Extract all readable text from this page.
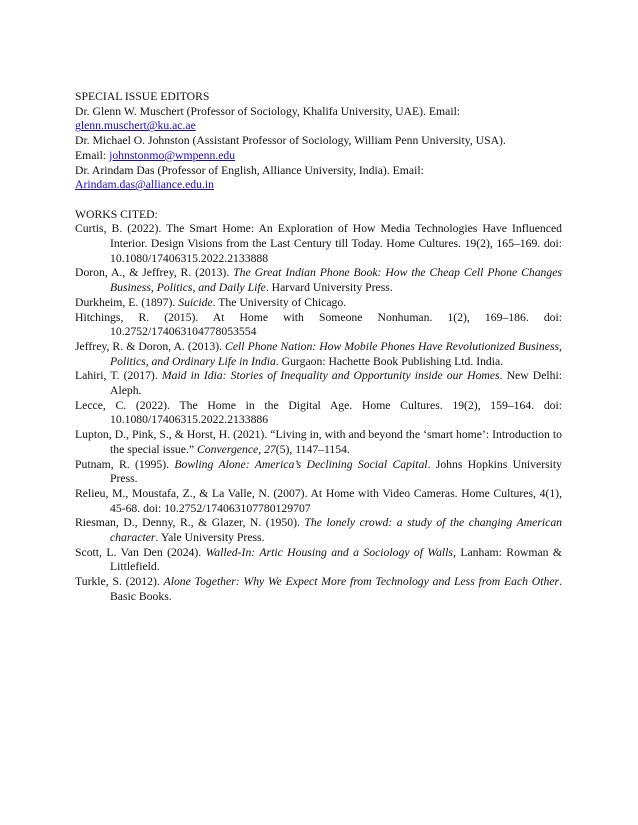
SPECIAL ISSUE EDITORS

Dr. Glenn W. Muschert (Professor of Sociology, Khalifa University, UAE). Email:

glenn.muschert@ku.ac.ae

Dr. Michael O. Johnston (Assistant Professor of Sociology, William Penn University, USA).

Email: johnstonmo@wmpenn.edu

Dr. Arindam Das (Professor of English, Alliance University, India). Email:

Arindam.das@alliance.edu.in

WORKS CITED:

Curtis, B. (2022). The Smart Home: An Exploration of How Media Technologies Have Influenced Interior. Design Visions from the Last Century till Today. Home Cultures. 19(2), 165–169. doi: 10.1080/17406315.2022.2133888

Doron, A., & Jeffrey, R. (2013). The Great Indian Phone Book: How the Cheap Cell Phone Changes Business, Politics, and Daily Life. Harvard University Press.

Durkheim, E. (1897). Suicide. The University of Chicago.

Hitchings, R. (2015). At Home with Someone Nonhuman. 1(2), 169–186. doi: 10.2752/174063104778053554

Jeffrey, R. & Doron, A. (2013). Cell Phone Nation: How Mobile Phones Have Revolutionized Business, Politics, and Ordinary Life in India. Gurgaon: Hachette Book Publishing Ltd. India.

Lahiri, T. (2017). Maid in Idia: Stories of Inequality and Opportunity inside our Homes. New Delhi: Aleph.

Lecce, C. (2022). The Home in the Digital Age. Home Cultures. 19(2), 159–164. doi: 10.1080/17406315.2022.2133886

Lupton, D., Pink, S., & Horst, H. (2021). “Living in, with and beyond the ‘smart home’: Introduction to the special issue.” Convergence, 27(5), 1147–1154.

Putnam, R. (1995). Bowling Alone: America’s Declining Social Capital. Johns Hopkins University Press.

Relieu, M., Moustafa, Z., & La Valle, N. (2007). At Home with Video Cameras. Home Cultures, 4(1), 45-68. doi: 10.2752/174063107780129707

Riesman, D., Denny, R., & Glazer, N. (1950). The lonely crowd: a study of the changing American character. Yale University Press.

Scott, L. Van Den (2024). Walled-In: Artic Housing and a Sociology of Walls, Lanham: Rowman & Littlefield.

Turkle, S. (2012). Alone Together: Why We Expect More from Technology and Less from Each Other. Basic Books.
